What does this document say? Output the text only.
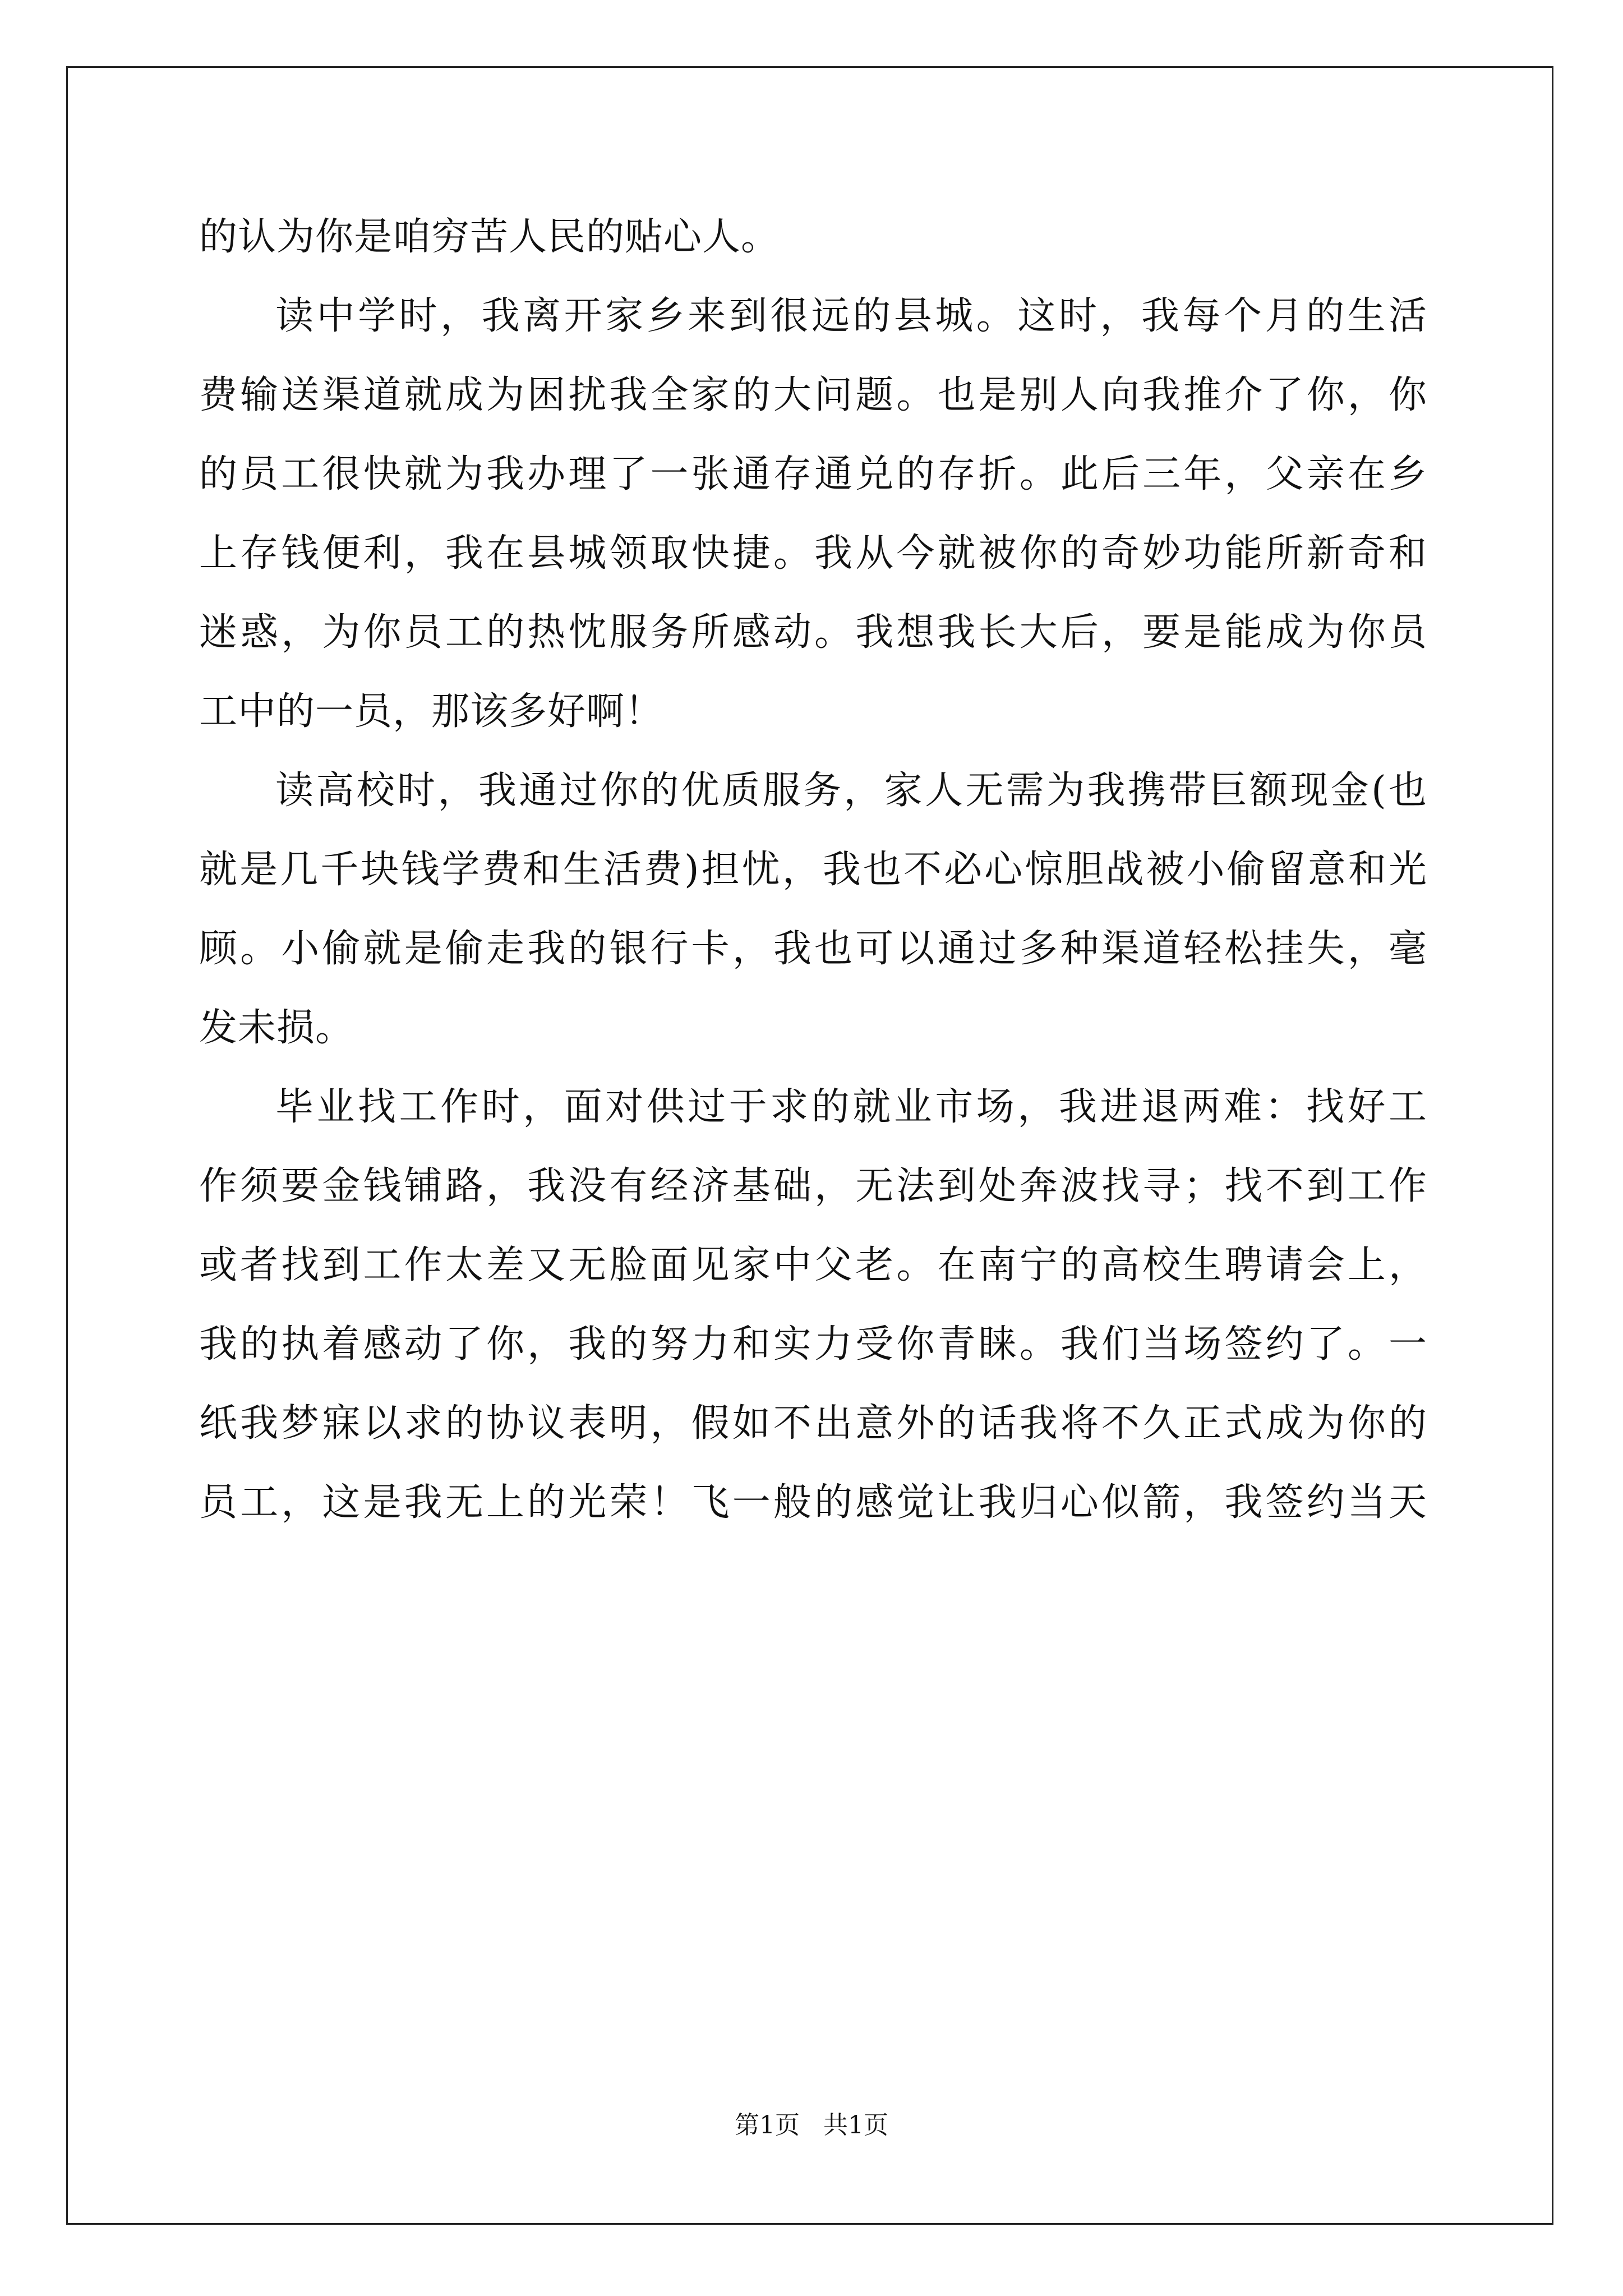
的认为你是咱穷苦人民的贴心人。
读中学时，我离开家乡来到很远的县城。这时，我每个月的生活
费输送渠道就成为困扰我全家的大问题。也是别人向我推介了你，你
的员工很快就为我办理了一张通存通兑的存折。此后三年，父亲在乡
上存钱便利，我在县城领取快捷。我从今就被你的奇妙功能所新奇和
迷惑，为你员工的热忱服务所感动。我想我长大后，要是能成为你员
工中的一员，那该多好啊！
读高校时，我通过你的优质服务，家人无需为我携带巨额现金(也
就是几千块钱学费和生活费)担忧，我也不必心惊胆战被小偷留意和光
顾。小偷就是偷走我的银行卡，我也可以通过多种渠道轻松挂失，毫
发未损。
毕业找工作时，面对供过于求的就业市场，我进退两难：找好工
作须要金钱铺路，我没有经济基础，无法到处奔波找寻；找不到工作
或者找到工作太差又无脸面见家中父老。在南宁的高校生聘请会上，
我的执着感动了你，我的努力和实力受你青睐。我们当场签约了。一
纸我梦寐以求的协议表明，假如不出意外的话我将不久正式成为你的
员工，这是我无上的光荣！飞一般的感觉让我归心似箭，我签约当天
第1页   共1页
